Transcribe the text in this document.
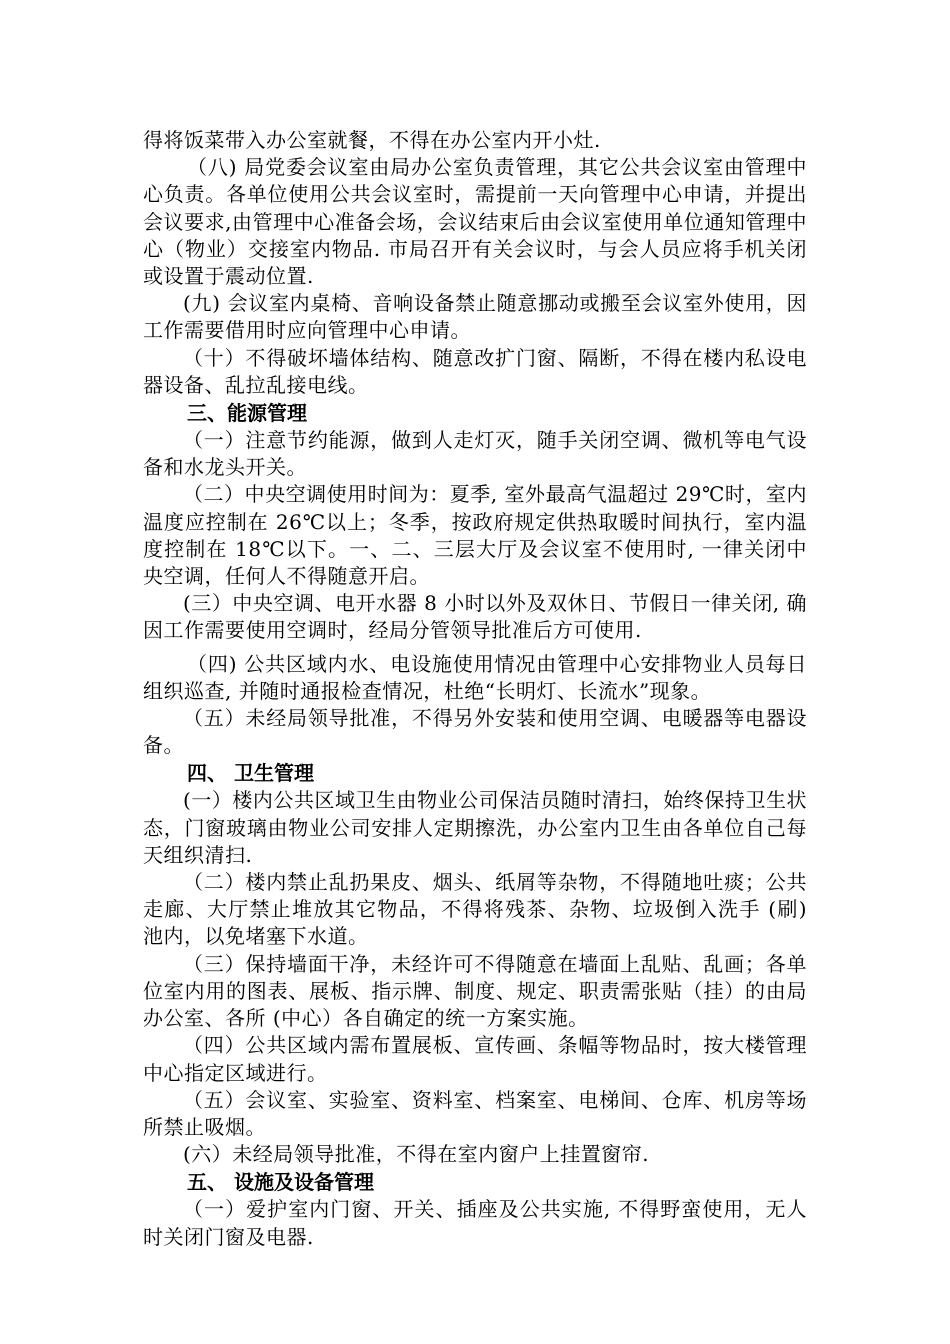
得将饭菜带入办公室就餐，不得在办公室内开小灶.

（八) 局党委会议室由局办公室负责管理，其它公共会议室由管理中心负责。各单位使用公共会议室时，需提前一天向管理中心申请，并提出会议要求,由管理中心准备会场，会议结束后由会议室使用单位通知管理中心（物业）交接室内物品. 市局召开有关会议时，与会人员应将手机关闭或设置于震动位置.

(九) 会议室内桌椅、音响设备禁止随意挪动或搬至会议室外使用，因工作需要借用时应向管理中心申请。

（十）不得破坏墙体结构、随意改扩门窗、隔断，不得在楼内私设电器设备、乱拉乱接电线。

三、能源管理

（一）注意节约能源，做到人走灯灭，随手关闭空调、微机等电气设备和水龙头开关。

（二）中央空调使用时间为：夏季, 室外最高气温超过 29℃时，室内温度应控制在 26℃以上；冬季，按政府规定供热取暖时间执行，室内温度控制在 18℃以下。一、二、三层大厅及会议室不使用时, 一律关闭中央空调，任何人不得随意开启。

(三）中央空调、电开水器 8 小时以外及双休日、节假日一律关闭, 确因工作需要使用空调时，经局分管领导批准后方可使用.

（四) 公共区域内水、电设施使用情况由管理中心安排物业人员每日组织巡查, 并随时通报检查情况，杜绝“长明灯、长流水”现象。

（五）未经局领导批准，不得另外安装和使用空调、电暖器等电器设备。

四、 卫生管理

(一）楼内公共区域卫生由物业公司保洁员随时清扫，始终保持卫生状态，门窗玻璃由物业公司安排人定期擦洗，办公室内卫生由各单位自己每天组织清扫.

（二）楼内禁止乱扔果皮、烟头、纸屑等杂物，不得随地吐痰；公共走廊、大厅禁止堆放其它物品，不得将残茶、杂物、垃圾倒入洗手 (刷) 池内，以免堵塞下水道。

（三）保持墙面干净，未经许可不得随意在墙面上乱贴、乱画；各单位室内用的图表、展板、指示牌、制度、规定、职责需张贴（挂）的由局办公室、各所 (中心）各自确定的统一方案实施。

（四）公共区域内需布置展板、宣传画、条幅等物品时，按大楼管理中心指定区域进行。

（五）会议室、实验室、资料室、档案室、电梯间、仓库、机房等场所禁止吸烟。

(六）未经局领导批准，不得在室内窗户上挂置窗帘.

五、 设施及设备管理

（一）爱护室内门窗、开关、插座及公共实施, 不得野蛮使用，无人时关闭门窗及电器.
